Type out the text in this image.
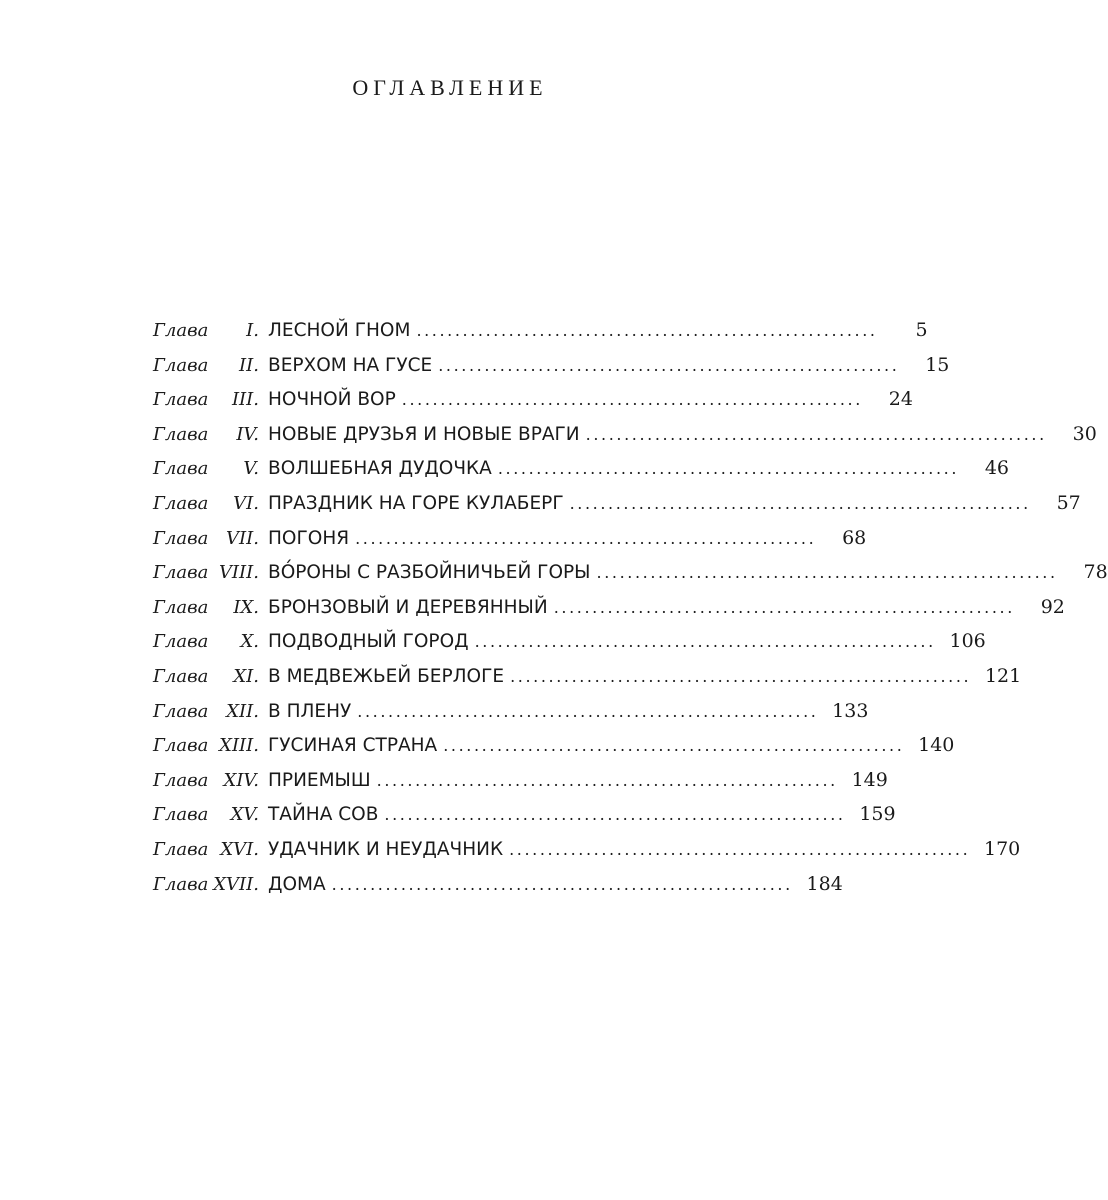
ОГЛАВЛЕНИЕ
Глава	I. ЛЕСНОЙ ГНОМ ............................................................	5
Глава	II. ВЕРХОМ НА ГУСЕ ............................................................	15
Глава	III. НОЧНОЙ ВОР ............................................................	24
Глава	IV. НОВЫЕ ДРУЗЬЯ И НОВЫЕ ВРАГИ ............................................................	30
Глава	V. ВОЛШЕБНАЯ ДУДОЧКА ............................................................	46
Глава	VI. ПРАЗДНИК НА ГОРЕ КУЛАБЕРГ ............................................................	57
Глава VII. ПОГОНЯ ............................................................	68
Глава VIII. ВО́РОНЫ С РАЗБОЙНИЧЬЕЙ ГОРЫ ............................................................	78
Глава	IX. БРОНЗОВЫЙ И ДЕРЕВЯННЫЙ ............................................................	92
Глава	X. ПОДВОДНЫЙ ГОРОД ............................................................ 106
Глава	XI. В МЕДВЕЖЬЕЙ БЕРЛОГЕ ............................................................ 121
Глава XII. В ПЛЕНУ ............................................................ 133
Глава XIII. ГУСИНАЯ СТРАНА ............................................................ 140
Глава XIV. ПРИЕМЫШ ............................................................ 149
Глава	XV. ТАЙНА СОВ ............................................................ 159
Глава XVI. УДАЧНИК И НЕУДАЧНИК ............................................................ 170
Глава XVII. ДОМА ............................................................ 184
